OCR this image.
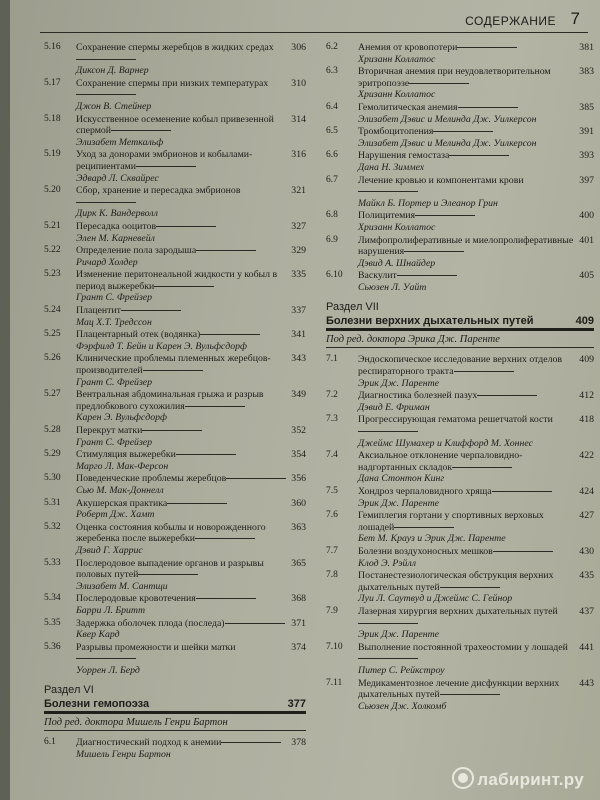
СОДЕРЖАНИЕ 7
5.16	306
Сохранение спермы жеребцов в жидких средах
Диксон Д. Варнер
5.17	310
Сохранение спермы при низких температурах
Джон В. Стейнер
5.18	314
Искусственное осеменение кобыл привезенной спермой
Элизабет Меткальф
5.19	316
Уход за донорами эмбрионов и кобылами-реципиентами
Эдвард Л. Сквайрес
5.20	321
Сбор, хранение и пересадка эмбрионов
Дирк К. Вандерволл
5.21	327
Пересадка ооцитов
Элен М. Карневейл
5.22	329
Определение пола зародыша
Ричард Холдер
5.23	335
Изменение перитонеальной жидкости у кобыл в период выжеребки
Грант С. Фрейзер
5.24	337
Плацентит
Мац Х.Т. Тредссон
5.25	341
Плацентарный отек (водянка)
Фэрфилд Т. Бейн и Карен Э. Вульфсдорф
5.26	343
Клинические проблемы племенных жеребцов-производителей
Грант С. Фрейзер
5.27	349
Вентральная абдоминальная грыжа и разрыв предлобкового сухожилия
Карен Э. Вульфсдорф
5.28	352
Перекрут матки
Грант С. Фрейзер
5.29	354
Стимуляция выжеребки
Марго Л. Мак-Ферсон
5.30	356
Поведенческие проблемы жеребцов
Сью М. Мак-Доннелл
5.31	360
Акушерская практика
Роберт Дж. Хамт
5.32	363
Оценка состояния кобылы и новорожденного жеребенка после выжеребки
Дэвид Г. Харрис
5.33	365
Послеродовое выпадение органов и разрывы половых путей
Элизабет М. Сантщи
5.34	368
Послеродовые кровотечения
Барри Л. Бритт
5.35	371
Задержка оболочек плода (последа)
Квер Кард
5.36	374
Разрывы промежности и шейки матки
Уоррен Л. Берд
Раздел VI
Болезни гемопоэза	377
Под ред. доктора Мишель Генри Бартон
6.1	378
Диагностический подход к анемии
Мишель Генри Бартон
6.2	381
Анемия от кровопотери
Хризанн Коллатос
6.3	383
Вторичная анемия при неудовлетворительном эритропоэзе
Хризанн Коллатос
6.4	385
Гемолитическая анемия
Элизабет Дэвис и Мелинда Дж. Уилкерсон
6.5	391
Тромбоцитопения
Элизабет Дэвис и Мелинда Дж. Уилкерсон
6.6	393
Нарушения гемостаза
Дана Н. Зиммех
6.7	397
Лечение кровью и компонентами крови
Майкл Б. Портер и Элеанор Грин
6.8	400
Полицитемия
Хризанн Коллатос
6.9	401
Лимфопролиферативные и миелопролиферативные нарушения
Дэвид А. Шнайдер
6.10	405
Васкулит
Сьюзен Л. Уайт
Раздел VII
Болезни верхних дыхательных путей	409
Под ред. доктора Эрика Дж. Паренте
7.1	409
Эндоскопическое исследование верхних отделов респираторного тракта
Эрик Дж. Паренте
7.2	412
Диагностика болезней пазух
Дэвид Е. Фриман
7.3	418
Прогрессирующая гематома решетчатой кости
Джеймс Шумахер и Клиффорд М. Хоннес
7.4	422
Аксиальное отклонение черпаловидно-надгортанных складок
Дана Стонтон Кинг
7.5	424
Хондроз черпаловидного хряща
Эрик Дж. Паренте
7.6	427
Гемиплегия гортани у спортивных верховых лошадей
Бет М. Крауз и Эрик Дж. Паренте
7.7	430
Болезни воздухоносных мешков
Клод Э. Рэйлл
7.8	435
Постанестезиологическая обструкция верхних дыхательных путей
Луи Л. Саутвуд и Джеймс С. Гейнор
7.9	437
Лазерная хирургия верхних дыхательных путей
Эрик Дж. Паренте
7.10	441
Выполнение постоянной трахеостомии у лошадей
Питер С. Рейкстроу
7.11	443
Медикаментозное лечение дисфункции верхних дыхательных путей
Сьюзен Дж. Холкомб
лабиринт.ру
